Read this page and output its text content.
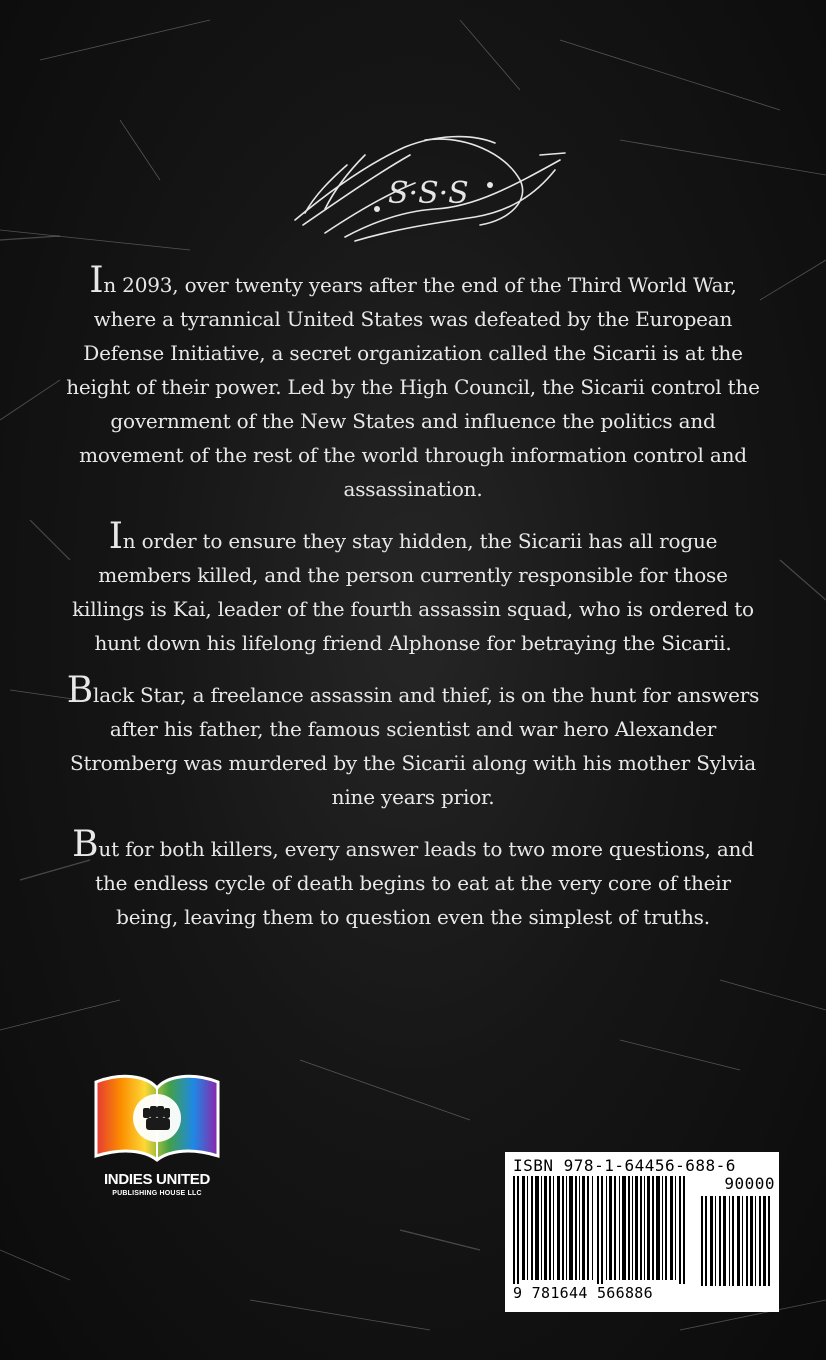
S·S·S

In 2093, over twenty years after the end of the Third World War, where a tyrannical United States was defeated by the European Defense Initiative, a secret organization called the Sicarii is at the height of their power. Led by the High Council, the Sicarii control the government of the New States and influence the politics and movement of the rest of the world through information control and assassination.

In order to ensure they stay hidden, the Sicarii has all rogue members killed, and the person currently responsible for those killings is Kai, leader of the fourth assassin squad, who is ordered to hunt down his lifelong friend Alphonse for betraying the Sicarii.

Black Star, a freelance assassin and thief, is on the hunt for answers after his father, the famous scientist and war hero Alexander Stromberg was murdered by the Sicarii along with his mother Sylvia nine years prior.

But for both killers, every answer leads to two more questions, and the endless cycle of death begins to eat at the very core of their being, leaving them to question even the simplest of truths.

INDIES UNITED
PUBLISHING HOUSE LLC
ISBN 978-1-64456-688-6
90000
9 781644 566886
